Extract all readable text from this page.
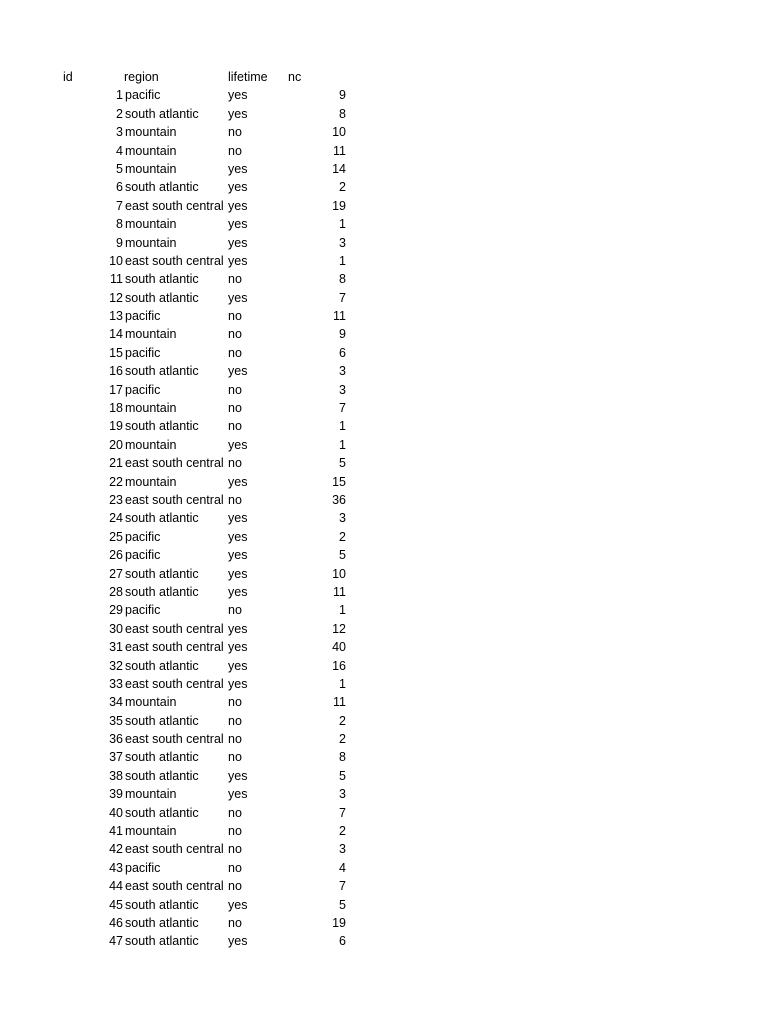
id	region	lifetime nc
1 pacific	yes	9
2 south atlantic yes	8
3 mountain	no	10
4 mountain	no	11
5 mountain	yes	14
6 south atlantic yes	2
7 east south central yes	19
8 mountain	yes	1
9 mountain	yes	3
10 east south central yes	1
11 south atlantic no	8
12 south atlantic yes	7
13 pacific	no	11
14 mountain	no	9
15 pacific	no	6
16 south atlantic yes	3
17 pacific	no	3
18 mountain	no	7
19 south atlantic no	1
20 mountain	yes	1
21 east south central no	5
22 mountain	yes	15
23 east south central no	36
24 south atlantic yes	3
25 pacific	yes	2
26 pacific	yes	5
27 south atlantic yes	10
28 south atlantic yes	11
29 pacific	no	1
30 east south central yes	12
31 east south central yes	40
32 south atlantic yes	16
33 east south central yes	1
34 mountain	no	11
35 south atlantic no	2
36 east south central no	2
37 south atlantic no	8
38 south atlantic yes	5
39 mountain	yes	3
40 south atlantic no	7
41 mountain	no	2
42 east south central no	3
43 pacific	no	4
44 east south central no	7
45 south atlantic yes	5
46 south atlantic no	19
47 south atlantic yes	6
